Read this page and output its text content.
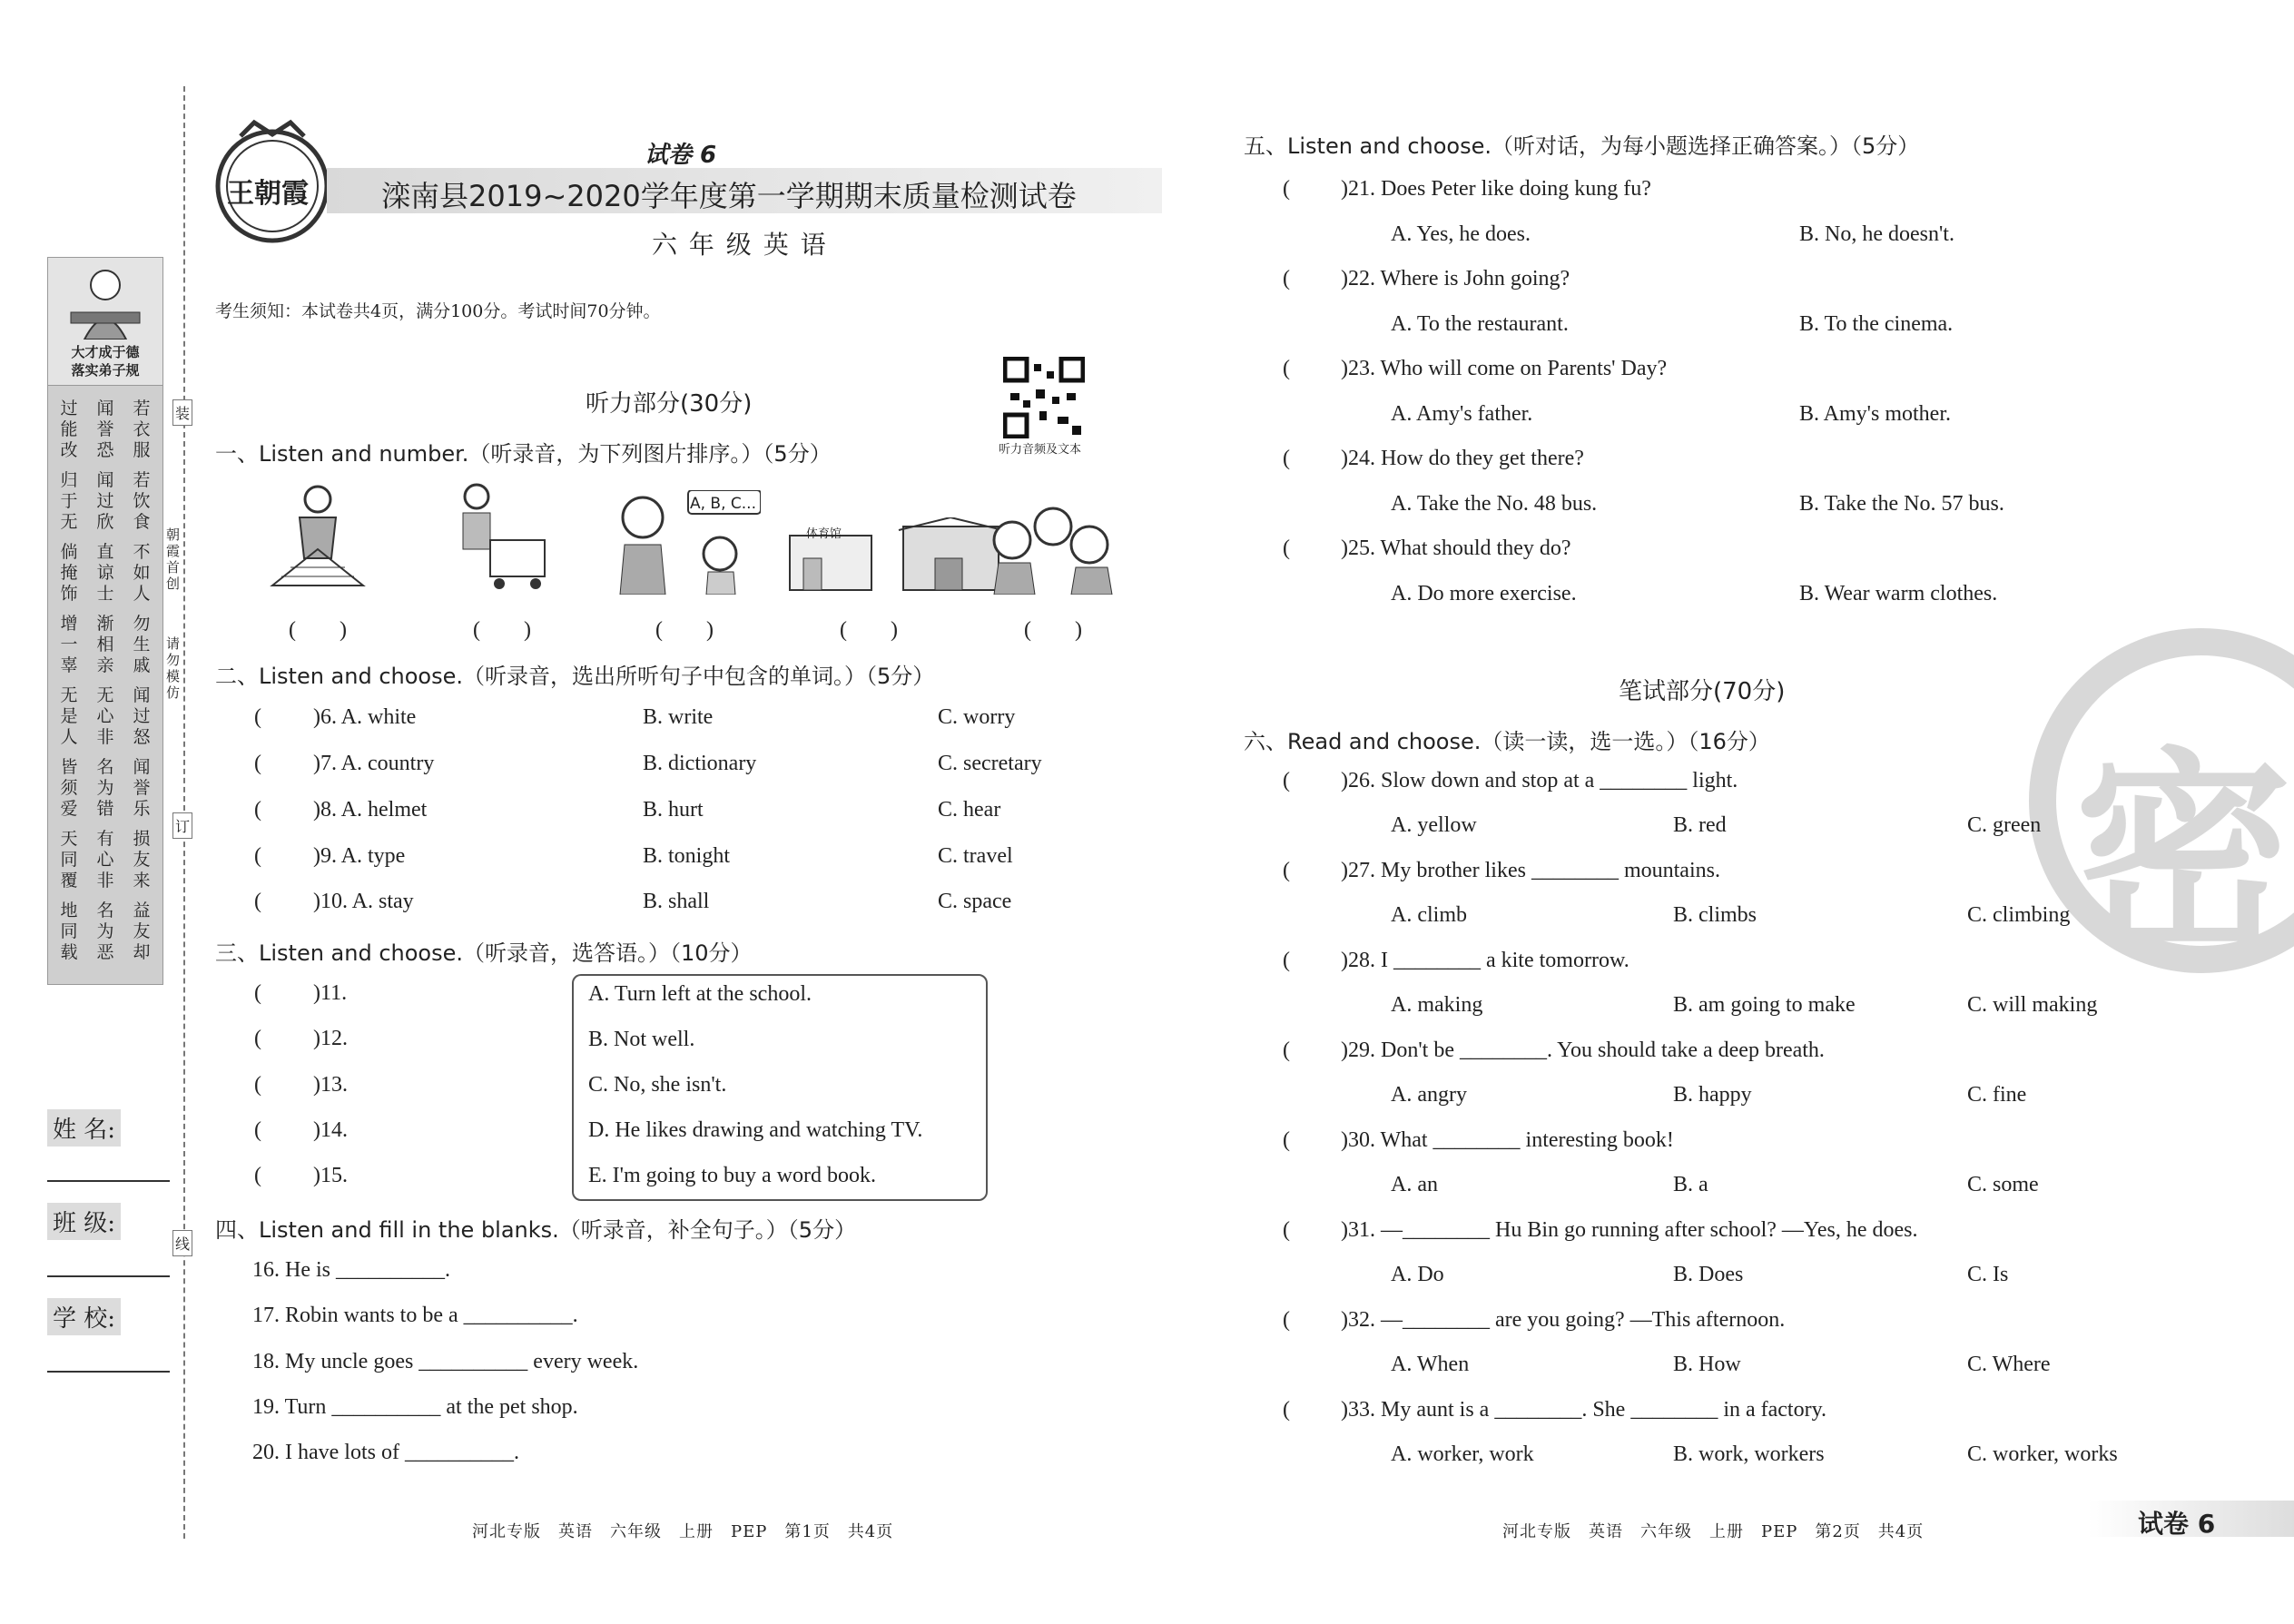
装
订
线
朝霞首创
请勿模仿
大才成于德
落实弟子规
过能改
闻誉恐
若衣服
归于无
闻过欣
若饮食
倘掩饰
直谅士
不如人
增一辜
渐相亲
勿生戚
无是人
无心非
闻过怒
皆须爱
名为错
闻誉乐
天同覆
有心非
损友来
地同载
名为恶
益友却
姓 名:
班 级:
学 校:
王朝霞
试卷 6
滦南县2019~2020学年度第一学期期末质量检测试卷
六 年 级 英 语
考生须知：本试卷共4页，满分100分。考试时间70分钟。
听力音频及文本
听力部分(30分)
一、Listen and number.（听录音，为下列图片排序。）（5分）
A, B, C...
体育馆
(　　)	(　　)	(　　)	(　　)	(　　)
二、Listen and choose.（听录音，选出所听句子中包含的单词。）（5分）
( )6. A. white	B. write	C. worry
( )7. A. country	B. dictionary	C. secretary
( )8. A. helmet	B. hurt	C. hear
( )9. A. type	B. tonight	C. travel
( )10. A. stay	B. shall	C. space
三、Listen and choose.（听录音，选答语。）（10分）
( )11.
( )12.
( )13.
( )14.
( )15.
A. Turn left at the school.
B. Not well.
C. No, she isn't.
D. He likes drawing and watching TV.
E. I'm going to buy a word book.
四、Listen and fill in the blanks.（听录音，补全句子。）（5分）
16. He is __________.
17. Robin wants to be a __________.
18. My uncle goes __________ every week.
19. Turn __________ at the pet shop.
20. I have lots of __________.
河北专版　英语　六年级　上册　PEP　第1页　共4页
密
五、Listen and choose.（听对话，为每小题选择正确答案。）（5分）
( )21. Does Peter like doing kung fu?
A. Yes, he does.	B. No, he doesn't.
( )22. Where is John going?
A. To the restaurant.	B. To the cinema.
( )23. Who will come on Parents' Day?
A. Amy's father.	B. Amy's mother.
( )24. How do they get there?
A. Take the No. 48 bus.	B. Take the No. 57 bus.
( )25. What should they do?
A. Do more exercise.	B. Wear warm clothes.
笔试部分(70分)
六、Read and choose.（读一读，选一选。）（16分）
( )26. Slow down and stop at a ________ light.
A. yellow	B. red	C. green
( )27. My brother likes ________ mountains.
A. climb	B. climbs	C. climbing
( )28. I ________ a kite tomorrow.
A. making	B. am going to make	C. will making
( )29. Don't be ________. You should take a deep breath.
A. angry	B. happy	C. fine
( )30. What ________ interesting book!
A. an	B. a	C. some
( )31. —________ Hu Bin go running after school? —Yes, he does.
A. Do	B. Does	C. Is
( )32. —________ are you going? —This afternoon.
A. When	B. How	C. Where
( )33. My aunt is a ________. She ________ in a factory.
A. worker, work	B. work, workers	C. worker, works
河北专版　英语　六年级　上册　PEP　第2页　共4页	试卷 6
